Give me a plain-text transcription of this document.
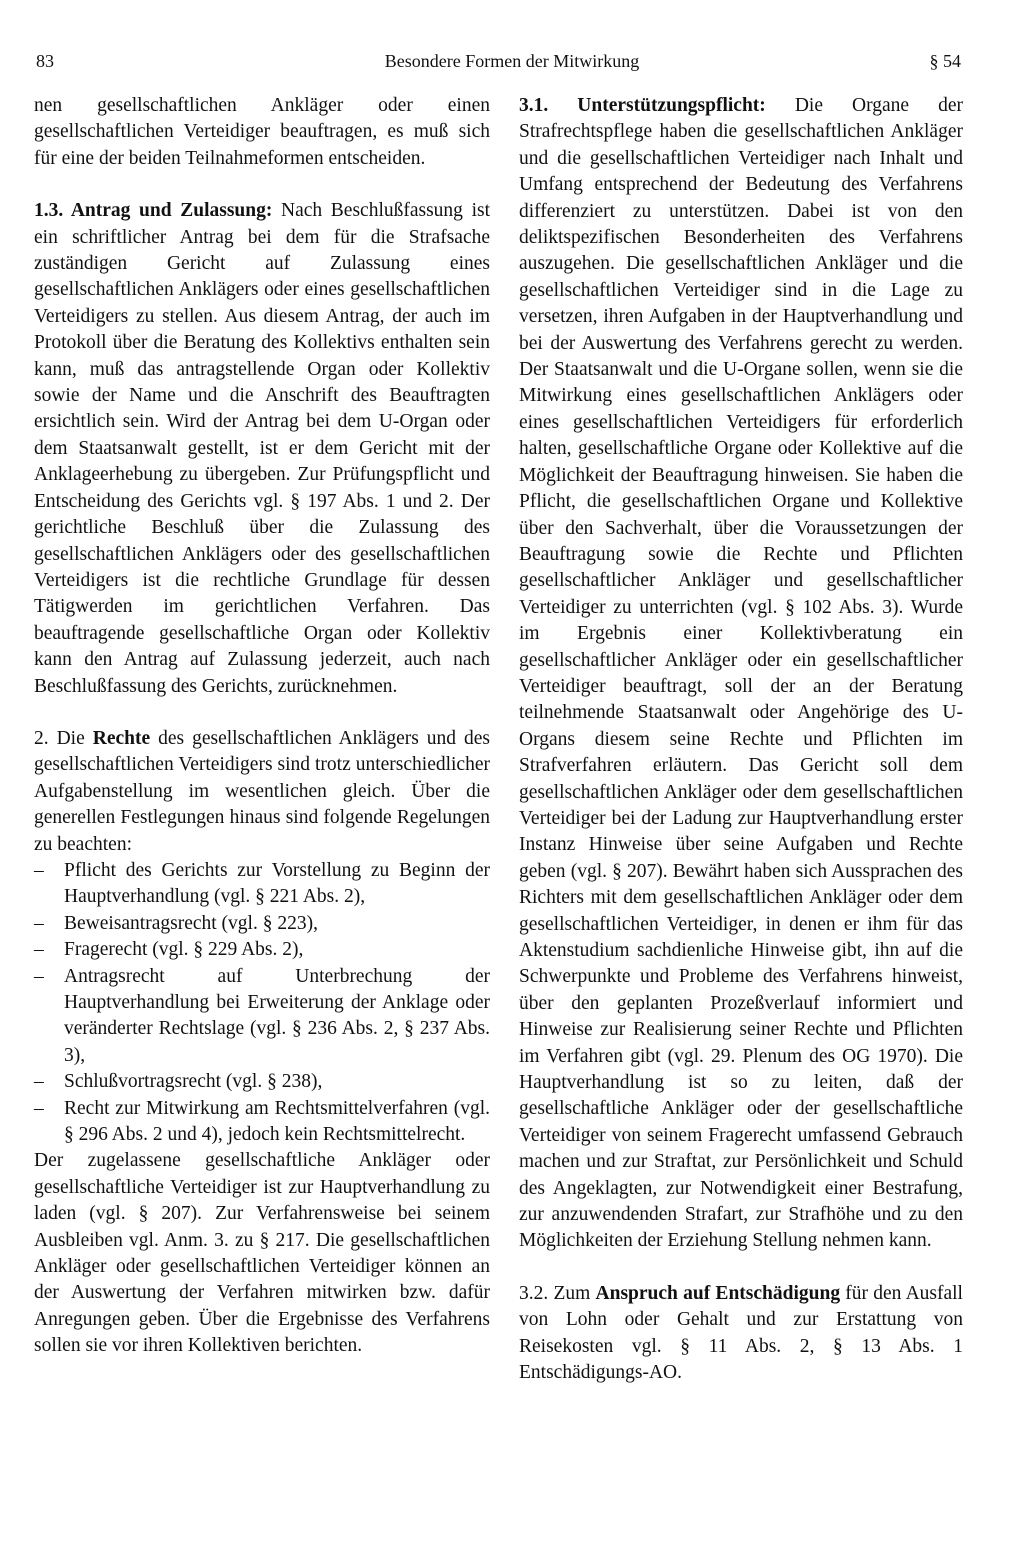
83	Besondere Formen der Mitwirkung	§ 54

nen gesellschaftlichen Ankläger oder einen gesellschaftlichen Verteidiger beauftragen, es muß sich für eine der beiden Teilnahmeformen entscheiden.

1.3. Antrag und Zulassung: Nach Beschlußfassung ist ein schriftlicher Antrag bei dem für die Strafsache zuständigen Gericht auf Zulassung eines gesellschaftlichen Anklägers oder eines gesellschaftlichen Verteidigers zu stellen. Aus diesem Antrag, der auch im Protokoll über die Beratung des Kollektivs enthalten sein kann, muß das antragstellende Organ oder Kollektiv sowie der Name und die Anschrift des Beauftragten ersichtlich sein. Wird der Antrag bei dem U-Organ oder dem Staatsanwalt gestellt, ist er dem Gericht mit der Anklageerhebung zu übergeben. Zur Prüfungspflicht und Entscheidung des Gerichts vgl. § 197 Abs. 1 und 2. Der gerichtliche Beschluß über die Zulassung des gesellschaftlichen Anklägers oder des gesellschaftlichen Verteidigers ist die rechtliche Grundlage für dessen Tätigwerden im gerichtlichen Verfahren. Das beauftragende gesellschaftliche Organ oder Kollektiv kann den Antrag auf Zulassung jederzeit, auch nach Beschlußfassung des Gerichts, zurücknehmen.

2. Die Rechte des gesellschaftlichen Anklägers und des gesellschaftlichen Verteidigers sind trotz unterschiedlicher Aufgabenstellung im wesentlichen gleich. Über die generellen Festlegungen hinaus sind folgende Regelungen zu beachten:

– Pflicht des Gerichts zur Vorstellung zu Beginn der Hauptverhandlung (vgl. § 221 Abs. 2),
– Beweisantragsrecht (vgl. § 223),
– Fragerecht (vgl. § 229 Abs. 2),
– Antragsrecht auf Unterbrechung der Hauptverhandlung bei Erweiterung der Anklage oder veränderter Rechtslage (vgl. § 236 Abs. 2, § 237 Abs. 3),
– Schlußvortragsrecht (vgl. § 238),
– Recht zur Mitwirkung am Rechtsmittelverfahren (vgl. § 296 Abs. 2 und 4), jedoch kein Rechtsmittelrecht.

Der zugelassene gesellschaftliche Ankläger oder gesellschaftliche Verteidiger ist zur Hauptverhandlung zu laden (vgl. § 207). Zur Verfahrensweise bei seinem Ausbleiben vgl. Anm. 3. zu § 217. Die gesellschaftlichen Ankläger oder gesellschaftlichen Verteidiger können an der Auswertung der Verfahren mitwirken bzw. dafür Anregungen geben. Über die Ergebnisse des Verfahrens sollen sie vor ihren Kollektiven berichten.

3.1. Unterstützungspflicht: Die Organe der Strafrechtspflege haben die gesellschaftlichen Ankläger und die gesellschaftlichen Verteidiger nach Inhalt und Umfang entsprechend der Bedeutung des Verfahrens differenziert zu unterstützen. Dabei ist von den deliktspezifischen Besonderheiten des Verfahrens auszugehen. Die gesellschaftlichen Ankläger und die gesellschaftlichen Verteidiger sind in die Lage zu versetzen, ihren Aufgaben in der Hauptverhandlung und bei der Auswertung des Verfahrens gerecht zu werden. Der Staatsanwalt und die U-Organe sollen, wenn sie die Mitwirkung eines gesellschaftlichen Anklägers oder eines gesellschaftlichen Verteidigers für erforderlich halten, gesellschaftliche Organe oder Kollektive auf die Möglichkeit der Beauftragung hinweisen. Sie haben die Pflicht, die gesellschaftlichen Organe und Kollektive über den Sachverhalt, über die Voraussetzungen der Beauftragung sowie die Rechte und Pflichten gesellschaftlicher Ankläger und gesellschaftlicher Verteidiger zu unterrichten (vgl. § 102 Abs. 3). Wurde im Ergebnis einer Kollektivberatung ein gesellschaftlicher Ankläger oder ein gesellschaftlicher Verteidiger beauftragt, soll der an der Beratung teilnehmende Staatsanwalt oder Angehörige des U-Organs diesem seine Rechte und Pflichten im Strafverfahren erläutern. Das Gericht soll dem gesellschaftlichen Ankläger oder dem gesellschaftlichen Verteidiger bei der Ladung zur Hauptverhandlung erster Instanz Hinweise über seine Aufgaben und Rechte geben (vgl. § 207). Bewährt haben sich Aussprachen des Richters mit dem gesellschaftlichen Ankläger oder dem gesellschaftlichen Verteidiger, in denen er ihm für das Aktenstudium sachdienliche Hinweise gibt, ihn auf die Schwerpunkte und Probleme des Verfahrens hinweist, über den geplanten Prozeßverlauf informiert und Hinweise zur Realisierung seiner Rechte und Pflichten im Verfahren gibt (vgl. 29. Plenum des OG 1970). Die Hauptverhandlung ist so zu leiten, daß der gesellschaftliche Ankläger oder der gesellschaftliche Verteidiger von seinem Fragerecht umfassend Gebrauch machen und zur Straftat, zur Persönlichkeit und Schuld des Angeklagten, zur Notwendigkeit einer Bestrafung, zur anzuwendenden Strafart, zur Strafhöhe und zu den Möglichkeiten der Erziehung Stellung nehmen kann.

3.2. Zum Anspruch auf Entschädigung für den Ausfall von Lohn oder Gehalt und zur Erstattung von Reisekosten vgl. § 11 Abs. 2, § 13 Abs. 1 Entschädigungs-AO.
